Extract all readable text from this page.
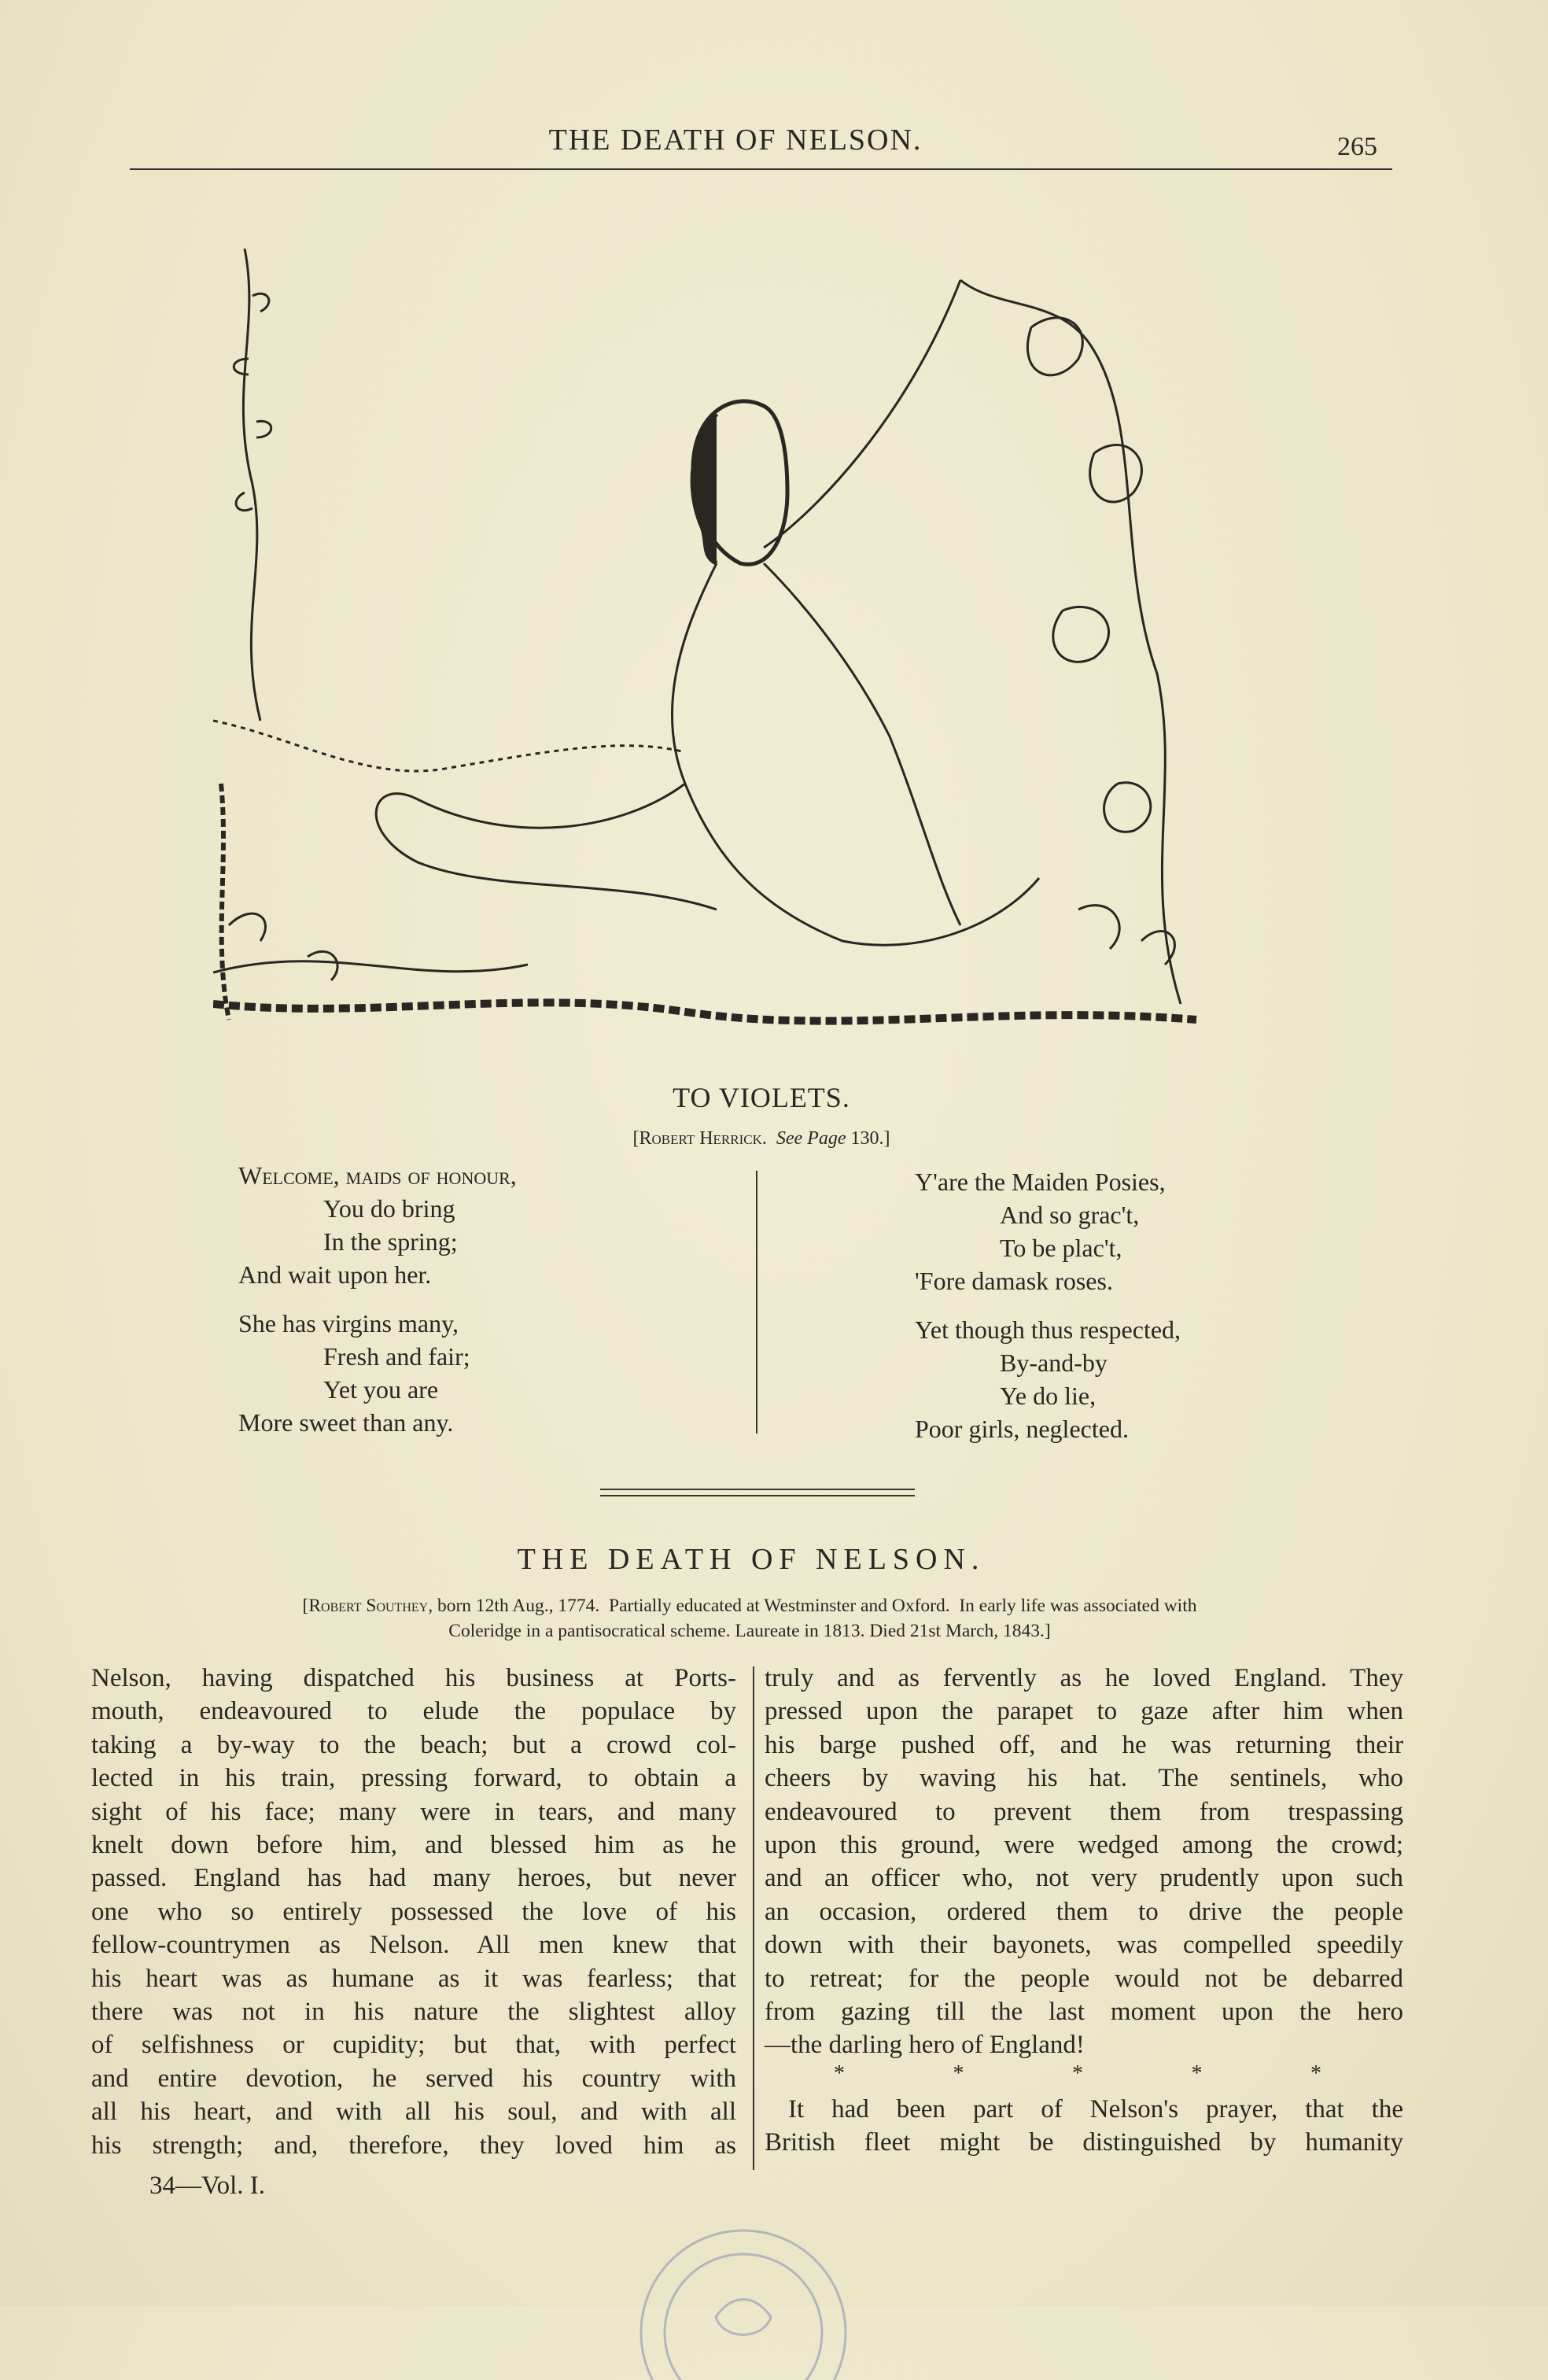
THE DEATH OF NELSON.	265
TO VIOLETS.
[Robert Herrick. See Page 130.]
Welcome, maids of honour,
You do bring
In the spring;
And wait upon her.
She has virgins many,
Fresh and fair;
Yet you are
More sweet than any.
Y'are the Maiden Posies,
And so grac't,
To be plac't,
'Fore damask roses.
Yet though thus respected,
By-and-by
Ye do lie,
Poor girls, neglected.
THE DEATH OF NELSON.
[Robert Southey, born 12th Aug., 1774.  Partially educated at Westminster and Oxford.  In early life was associated with
Coleridge in a pantisocratical scheme. Laureate in 1813. Died 21st March, 1843.]
Nelson, having dispatched his business at Ports-
mouth, endeavoured to elude the populace by
taking a by-way to the beach; but a crowd col-
lected in his train, pressing forward, to obtain a
sight of his face; many were in tears, and many
knelt down before him, and blessed him as he
passed. England has had many heroes, but never
one who so entirely possessed the love of his
fellow-countrymen as Nelson. All men knew that
his heart was as humane as it was fearless; that
there was not in his nature the slightest alloy
of selfishness or cupidity; but that, with perfect
and entire devotion, he served his country with
all his heart, and with all his soul, and with all
his strength; and, therefore, they loved him as
truly and as fervently as he loved England. They
pressed upon the parapet to gaze after him when
his barge pushed off, and he was returning their
cheers by waving his hat. The sentinels, who
endeavoured to prevent them from trespassing
upon this ground, were wedged among the crowd;
and an officer who, not very prudently upon such
an occasion, ordered them to drive the people
down with their bayonets, was compelled speedily
to retreat; for the people would not be debarred
from gazing till the last moment upon the hero
—the darling hero of England!
It had been part of Nelson's prayer, that the
British fleet might be distinguished by humanity
*	*	*	*	*
34—Vol. I.
